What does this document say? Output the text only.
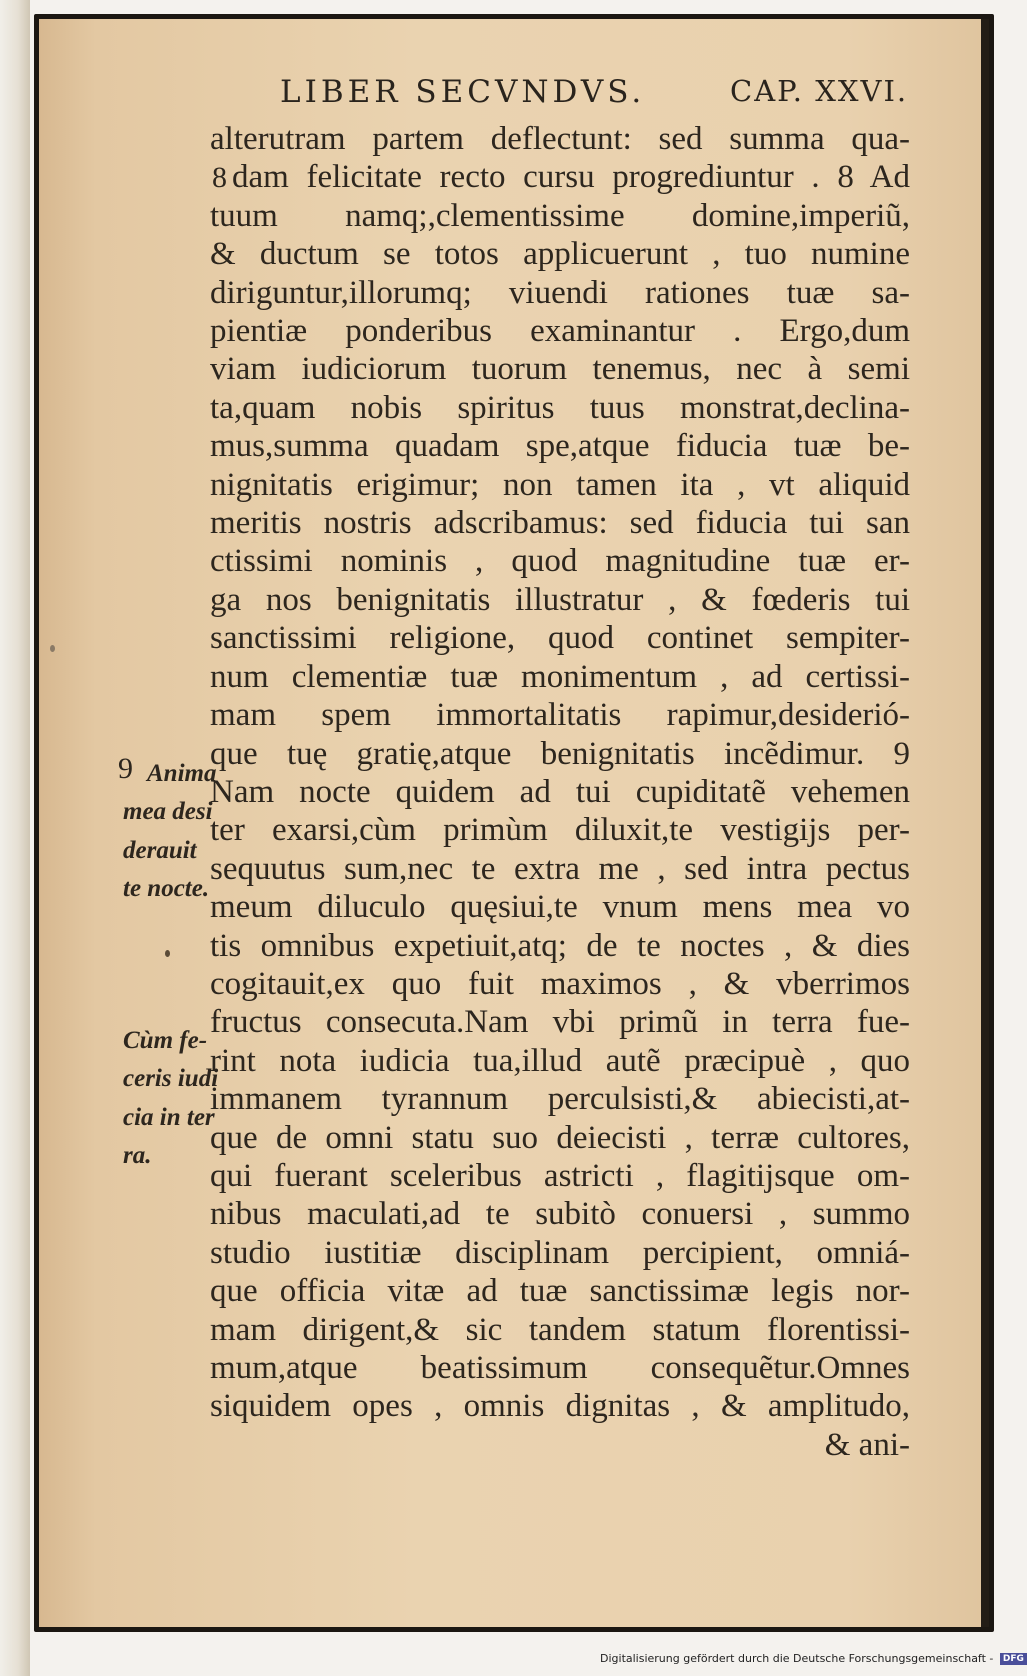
LIBER SECVNDVS.	CAP. XXVI.
8
9
alterutram partem deflectunt: sed summa qua-
dam felicitate recto cursu progrediuntur . 8 Ad
tuum namq;,clementissime domine,imperiũ,
& ductum se totos applicuerunt , tuo numine
diriguntur,illorumq; viuendi rationes tuæ sa-
pientiæ ponderibus examinantur . Ergo,dum
viam iudiciorum tuorum tenemus, nec à semi
ta,quam nobis spiritus tuus monstrat,declina-
mus,summa quadam spe,atque fiducia tuæ be-
nignitatis erigimur; non tamen ita , vt aliquid
meritis nostris adscribamus: sed fiducia tui san
ctissimi nominis , quod magnitudine tuæ er-
ga nos benignitatis illustratur , & fœderis tui
sanctissimi religione, quod continet sempiter-
num clementiæ tuæ monimentum , ad certissi-
mam spem immortalitatis rapimur,desiderió-
que tuę gratię,atque benignitatis incẽdimur. 9
Nam nocte quidem ad tui cupiditatẽ vehemen
ter exarsi,cùm primùm diluxit,te vestigijs per-
sequutus sum,nec te extra me , sed intra pectus
meum diluculo quęsiui,te vnum mens mea vo
tis omnibus expetiuit,atq; de te noctes , & dies
cogitauit,ex quo fuit maximos , & vberrimos
fructus consecuta.Nam vbi primũ in terra fue-
rint nota iudicia tua,illud autẽ præcipuè , quo
immanem tyrannum perculsisti,& abiecisti,at-
que de omni statu suo deiecisti , terræ cultores,
qui fuerant sceleribus astricti , flagitijsque om-
nibus maculati,ad te subitò conuersi , summo
studio iustitiæ disciplinam percipient, omniá-
que officia vitæ ad tuæ sanctissimæ legis nor-
mam dirigent,& sic tandem statum florentissi-
mum,atque beatissimum consequẽtur.Omnes
siquidem opes , omnis dignitas , & amplitudo,
& ani-
Anima
mea desi
derauit
te nocte.
Cùm fe-
ceris iudi
cia in ter
ra.
Digitalisierung gefördert durch die Deutsche Forschungsgemeinschaft - DFG
